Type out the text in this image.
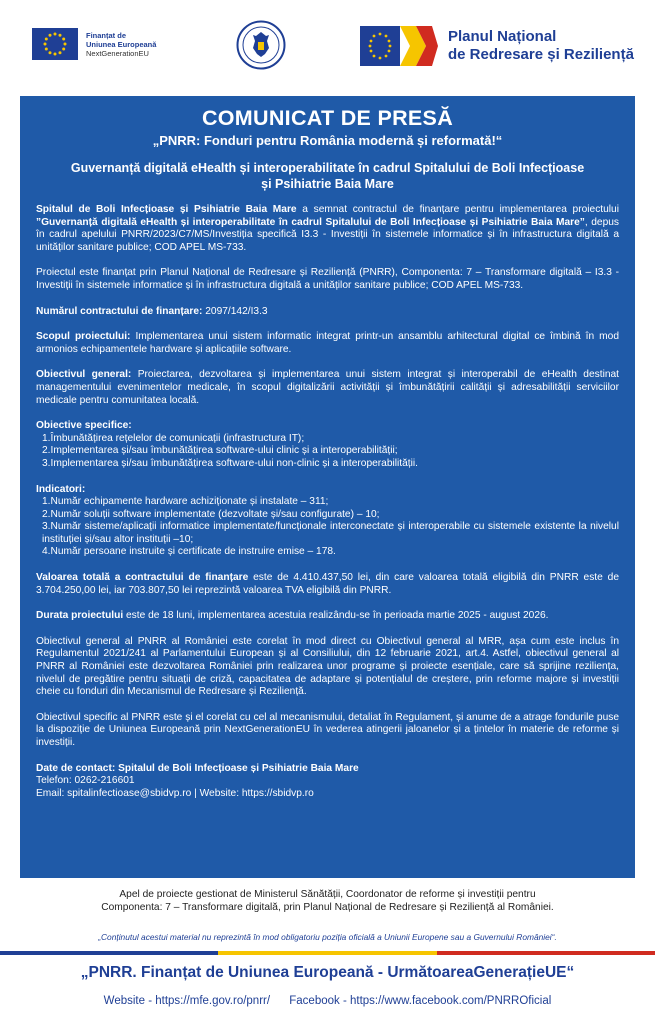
Finanțat de
Uniunea Europeană
NextGenerationEU
Planul Național
de Redresare și Reziliență
COMUNICAT DE PRESĂ
„PNRR: Fonduri pentru România modernă și reformată!“
Guvernanță digitală eHealth și interoperabilitate în cadrul Spitalului de Boli Infecțioase
și Psihiatrie Baia Mare

Spitalul de Boli Infecțioase și Psihiatrie Baia Mare a semnat contractul de finanțare pentru implementarea proiectului ”Guvernanță digitală eHealth și interoperabilitate în cadrul Spitalului de Boli Infecțioase și Psihiatrie Baia Mare”, depus în cadrul apelului PNRR/2023/C7/MS/Investiția specifică I3.3 - Investiții în sistemele informatice și în infrastructura digitală a unităților sanitare publice; COD APEL MS-733.

Proiectul este finanțat prin Planul Național de Redresare și Reziliență (PNRR), Componenta: 7 – Transformare digitală – I3.3 - Investiții în sistemele informatice și în infrastructura digitală a unităților sanitare publice; COD APEL MS-733.

Numărul contractului de finanțare: 2097/142/I3.3

Scopul proiectului: Implementarea unui sistem informatic integrat printr-un ansamblu arhitectural digital ce îmbină în mod armonios echipamentele hardware și aplicațiile software.

Obiectivul general: Proiectarea, dezvoltarea și implementarea unui sistem integrat și interoperabil de eHealth destinat managementului evenimentelor medicale, în scopul digitalizării activității și îmbunătățirii calității și adresabilității serviciilor medicale pentru comunitatea locală.

Obiective specifice:
1.Îmbunătățirea rețelelor de comunicații (infrastructura IT);
2.Implementarea și/sau îmbunătățirea software-ului clinic și a interoperabilității;
3.Implementarea și/sau îmbunătățirea software-ului non-clinic și a interoperabilității.
Indicatori:
1.Număr echipamente hardware achiziționate și instalate – 311;
2.Număr soluții software implementate (dezvoltate și/sau configurate) – 10;
3.Număr sisteme/aplicații informatice implementate/funcționale interconectate și interoperabile cu sistemele existente la nivelul instituției și/sau altor instituții –10;
4.Număr persoane instruite și certificate de instruire emise – 178.

Valoarea totală a contractului de finanțare este de 4.410.437,50 lei, din care valoarea totală eligibilă din PNRR este de 3.704.250,00 lei, iar 703.807,50 lei reprezintă valoarea TVA eligibilă din PNRR.

Durata proiectului este de 18 luni, implementarea acestuia realizându-se în perioada martie 2025 - august 2026.

Obiectivul general al PNRR al României este corelat în mod direct cu Obiectivul general al MRR, așa cum este inclus în Regulamentul 2021/241 al Parlamentului European și al Consiliului, din 12 februarie 2021, art.4. Astfel, obiectivul general al PNRR al României este dezvoltarea României prin realizarea unor programe și proiecte esențiale, care să sprijine reziliența, nivelul de pregătire pentru situații de criză, capacitatea de adaptare și potențialul de creștere, prin reforme majore și investiții cheie cu fonduri din Mecanismul de Redresare și Reziliență.

Obiectivul specific al PNRR este și el corelat cu cel al mecanismului, detaliat în Regulament, și anume de a atrage fondurile puse la dispoziție de Uniunea Europeană prin NextGenerationEU în vederea atingerii jaloanelor și a țintelor în materie de reforme și investiții.

Date de contact: Spitalul de Boli Infecțioase și Psihiatrie Baia Mare
Telefon: 0262-216601
Email: spitalinfectioase@sbidvp.ro | Website: https://sbidvp.ro
Apel de proiecte gestionat de Ministerul Sănătății, Coordonator de reforme și investiții pentru
Componenta: 7 – Transformare digitală, prin Planul Național de Redresare și Reziliență al României.
„Conținutul acestui material nu reprezintă în mod obligatoriu poziția oficială a Uniunii Europene sau a Guvernului României“.
„PNRR. Finanțat de Uniunea Europeană - UrmătoareaGenerațieUE“
Website - https://mfe.gov.ro/pnrr/ Facebook - https://www.facebook.com/PNRROficial
